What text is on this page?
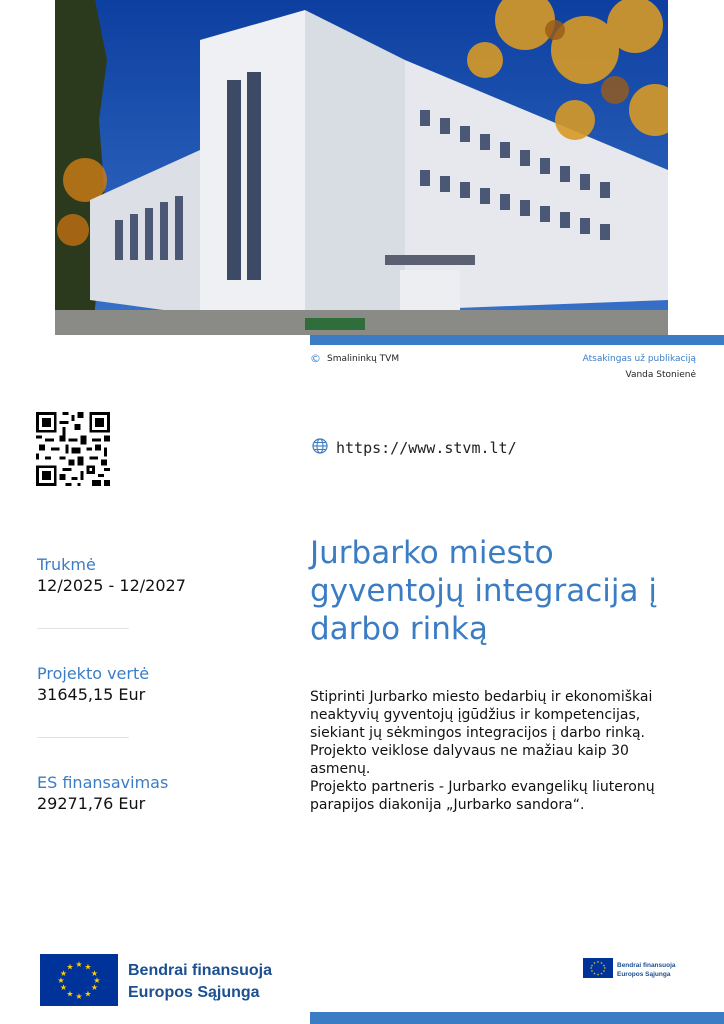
© Smalininkų TVM	Atsakingas už publikaciją
Vanda Stonienė
https://www.stvm.lt/
Trukmė
12/2025 - 12/2027
Projekto vertė
31645,15 Eur
ES finansavimas
29271,76 Eur
Jurbarko miesto gyventojų integracija į darbo rinką
Stiprinti Jurbarko miesto bedarbių ir ekonomiškai neaktyvių gyventojų įgūdžius ir kompetencijas, siekiant jų sėkmingos integracijos į darbo rinką. Projekto veiklose dalyvaus ne mažiau kaip 30 asmenų.
Projekto partneris - Jurbarko evangelikų liuteronų parapijos diakonija „Jurbarko sandora“.
★ ★
★
★
★
★
★
★
★
★
★
★	Bendrai finansuoja
Europos Sąjunga
★ ★
★
★
★
★
★
★
★
★
★
★	Bendrai finansuoja
Europos Sąjunga
